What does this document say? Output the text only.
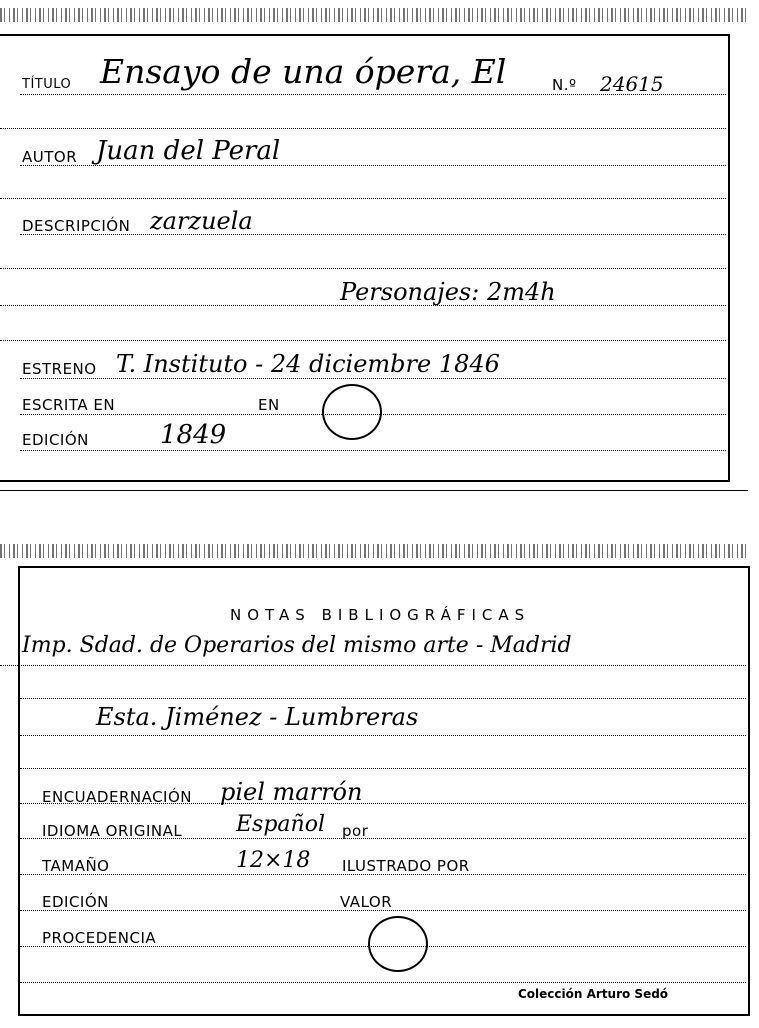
TÍTULO Ensayo de una ópera, El	N.º 24615
AUTOR Juan del Peral
DESCRIPCIÓN zarzuela
Personajes: 2m4h
ESTRENO T. Instituto - 24 diciembre 1846
ESCRITA EN	EN
EDICIÓN	1849
NOTAS BIBLIOGRÁFICAS
Imp. Sdad. de Operarios del mismo arte - Madrid
Esta. Jiménez - Lumbreras
ENCUADERNACIÓN piel marrón
IDIOMA ORIGINAL Español por
TAMAÑO	12×18 ILUSTRADO POR
EDICIÓN	VALOR
PROCEDENCIA
Colección Arturo Sedó
